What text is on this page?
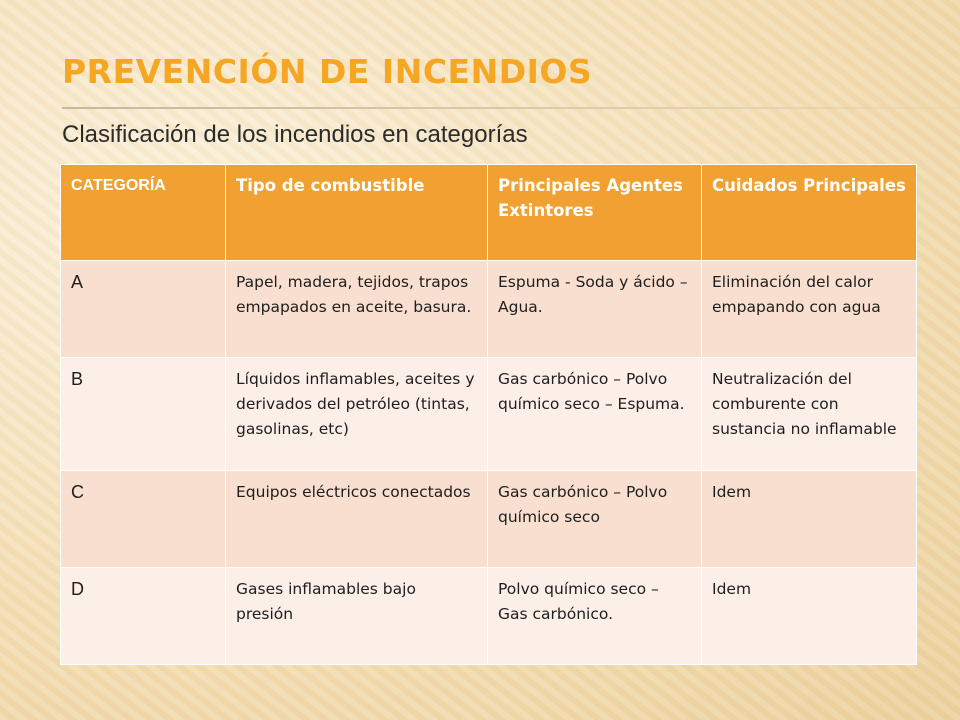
PREVENCIÓN DE INCENDIOS

Clasificación de los incendios en categorías

CATEGORÍA	Tipo de combustible	Principales Agentes Extintores	Cuidados Principales
A	Papel, madera, tejidos, trapos empapados en aceite, basura.	Espuma - Soda y ácido – Agua.	Eliminación del calor empapando con agua
B	Líquidos inflamables, aceites y derivados del petróleo (tintas, gasolinas, etc)	Gas carbónico – Polvo químico seco – Espuma.	Neutralización del comburente con sustancia no inflamable
C	Equipos eléctricos conectados	Gas carbónico – Polvo químico seco	Idem
D	Gases inflamables bajo presión	Polvo químico seco – Gas carbónico.	Idem
